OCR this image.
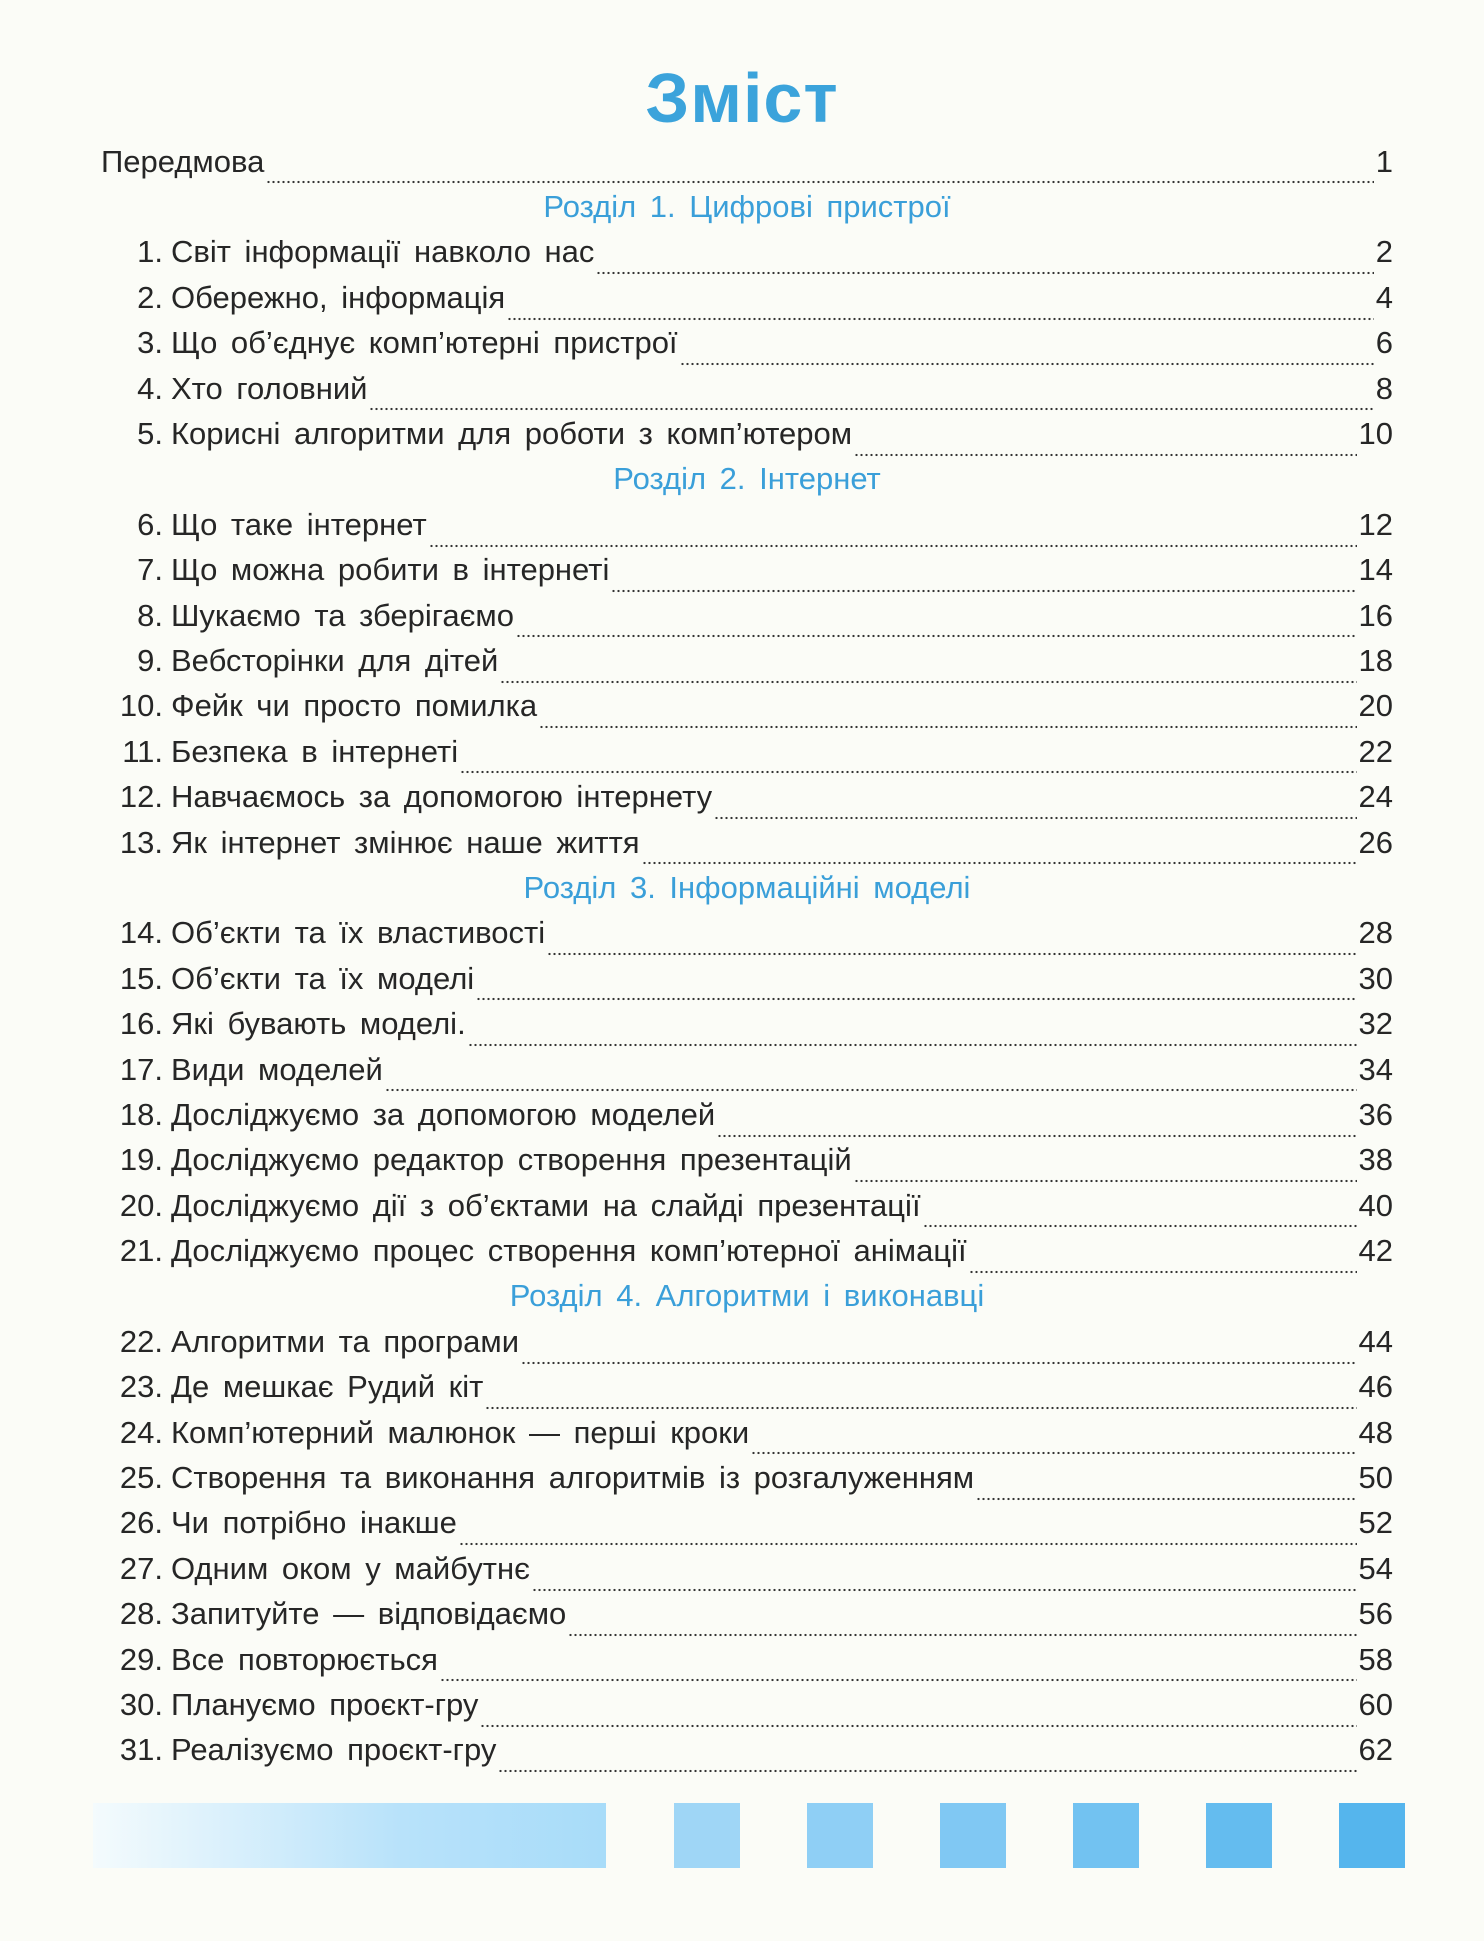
Зміст
Передмова	1
Розділ 1. Цифрові пристрої
1. Світ інформації навколо нас	2
2. Обережно, інформація	4
3. Що об’єднує комп’ютерні пристрої	6
4. Хто головний	8
5. Корисні алгоритми для роботи з комп’ютером	10
Розділ 2. Інтернет
6. Що таке інтернет	12
7. Що можна робити в інтернеті	14
8. Шукаємо та зберігаємо	16
9. Вебсторінки для дітей	18
10. Фейк чи просто помилка	20
11. Безпека в інтернеті	22
12. Навчаємось за допомогою інтернету	24
13. Як інтернет змінює наше життя	26
Розділ 3. Інформаційні моделі
14. Об’єкти та їх властивості	28
15. Об’єкти та їх моделі	30
16. Які бувають моделі.	32
17. Види моделей	34
18. Досліджуємо за допомогою моделей	36
19. Досліджуємо редактор створення презентацій	38
20. Досліджуємо дії з об’єктами на слайді презентації	40
21. Досліджуємо процес створення комп’ютерної анімації	42
Розділ 4. Алгоритми і виконавці
22. Алгоритми та програми	44
23. Де мешкає Рудий кіт	46
24. Комп’ютерний малюнок — перші кроки	48
25. Створення та виконання алгоритмів із розгалуженням	50
26. Чи потрібно інакше	52
27. Одним оком у майбутнє	54
28. Запитуйте — відповідаємо	56
29. Все повторюється	58
30. Плануємо проєкт-гру	60
31. Реалізуємо проєкт-гру	62
